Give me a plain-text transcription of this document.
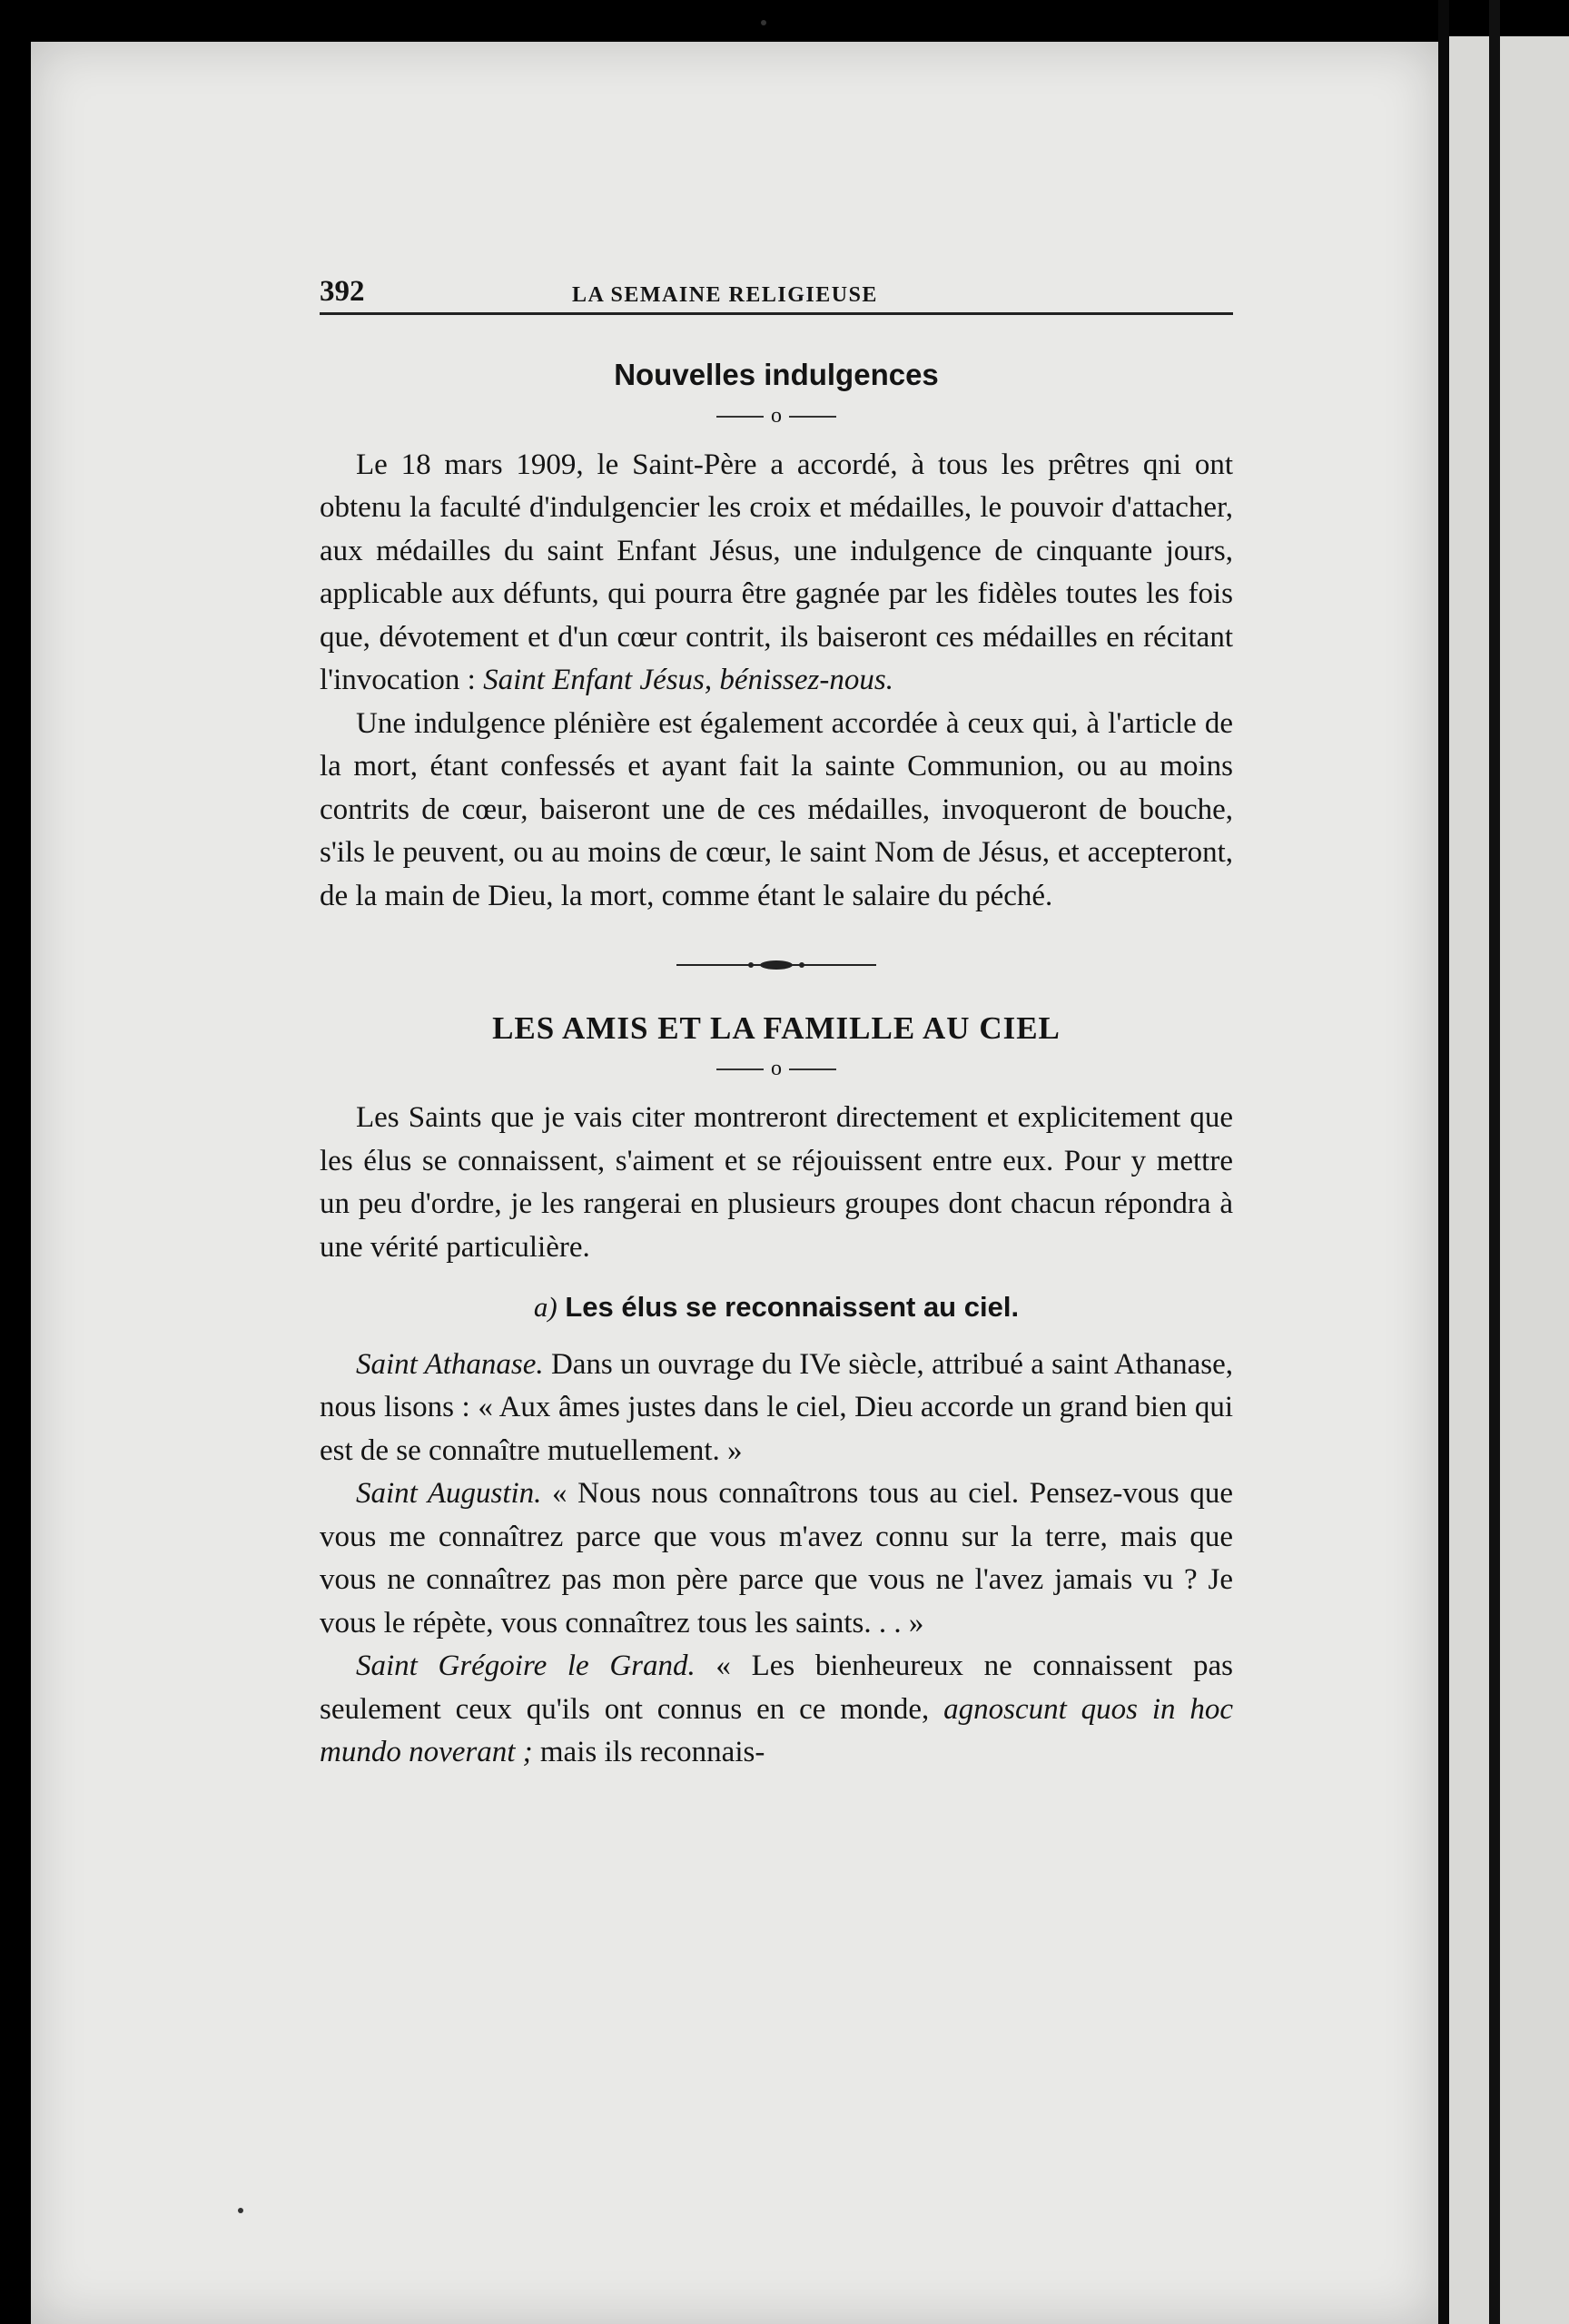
392	LA SEMAINE RELIGIEUSE
Nouvelles indulgences
o

Le 18 mars 1909, le Saint-Père a accordé, à tous les prêtres qni ont obtenu la faculté d'indulgencier les croix et médailles, le pouvoir d'attacher, aux médailles du saint Enfant Jésus, une indulgence de cinquante jours, applicable aux défunts, qui pourra être gagnée par les fidèles toutes les fois que, dévotement et d'un cœur contrit, ils baiseront ces médailles en récitant l'invocation : Saint Enfant Jésus, bénissez-nous.

Une indulgence plénière est également accordée à ceux qui, à l'article de la mort, étant confessés et ayant fait la sainte Communion, ou au moins contrits de cœur, baiseront une de ces médailles, invoqueront de bouche, s'ils le peuvent, ou au moins de cœur, le saint Nom de Jésus, et accepteront, de la main de Dieu, la mort, comme étant le salaire du péché.

LES AMIS ET LA FAMILLE AU CIEL
o

Les Saints que je vais citer montreront directement et explicitement que les élus se connaissent, s'aiment et se réjouissent entre eux. Pour y mettre un peu d'ordre, je les rangerai en plusieurs groupes dont chacun répondra à une vérité particulière.

a) Les élus se reconnaissent au ciel.

Saint Athanase. Dans un ouvrage du IVe siècle, attribué a saint Athanase, nous lisons : « Aux âmes justes dans le ciel, Dieu accorde un grand bien qui est de se connaître mutuellement. »

Saint Augustin. « Nous nous connaîtrons tous au ciel. Pensez-vous que vous me connaîtrez parce que vous m'avez connu sur la terre, mais que vous ne connaîtrez pas mon père parce que vous ne l'avez jamais vu ? Je vous le répète, vous connaîtrez tous les saints. . . »

Saint Grégoire le Grand. « Les bienheureux ne connaissent pas seulement ceux qu'ils ont connus en ce monde, agnoscunt quos in hoc mundo noverant ; mais ils reconnais-
